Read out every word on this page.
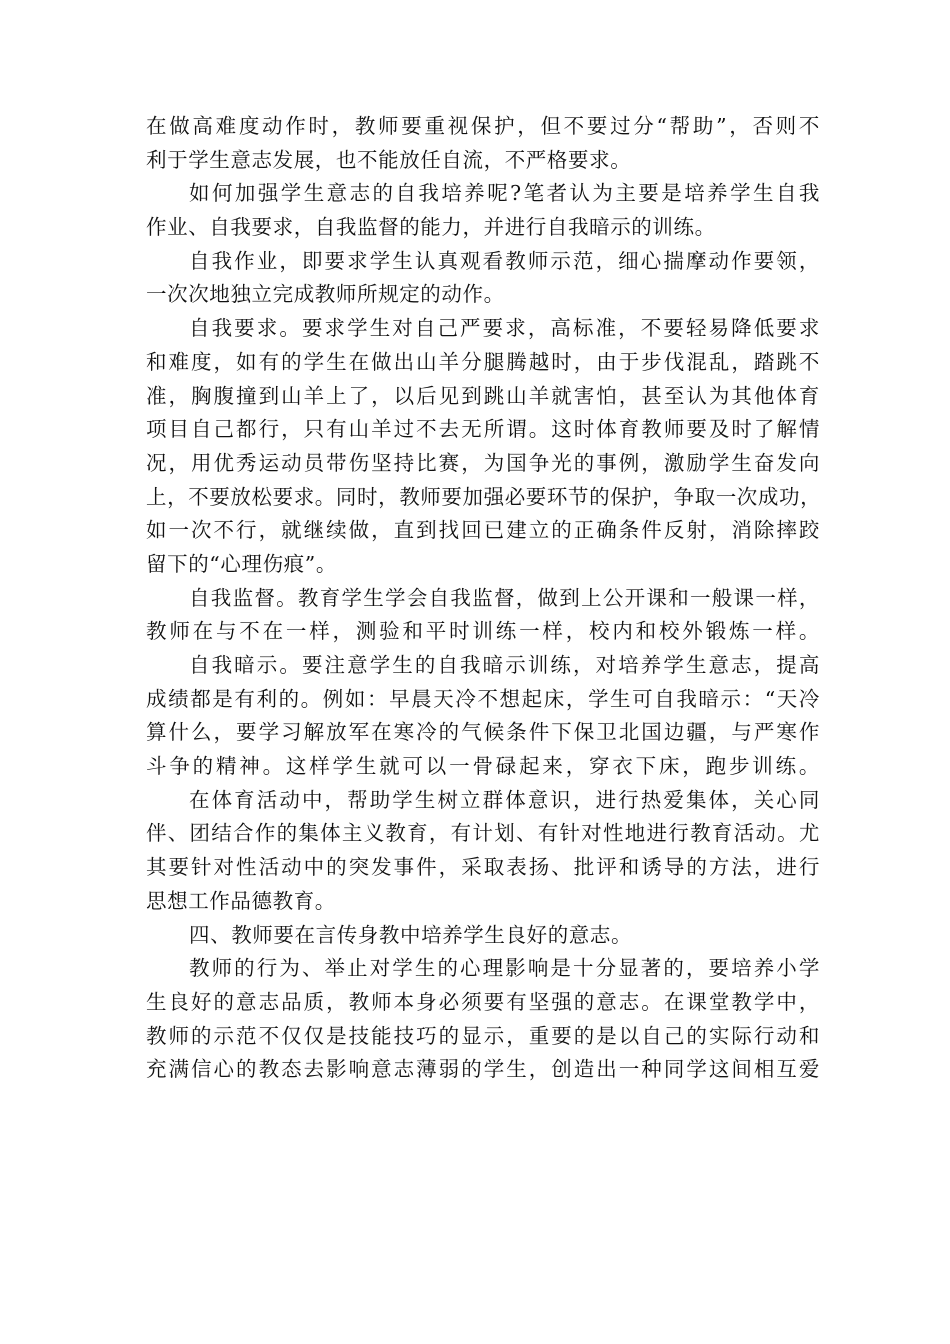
在做高难度动作时，教师要重视保护，但不要过分“帮助”，否则不
利于学生意志发展，也不能放任自流，不严格要求。
如何加强学生意志的自我培养呢?笔者认为主要是培养学生自我
作业、自我要求，自我监督的能力，并进行自我暗示的训练。
自我作业，即要求学生认真观看教师示范，细心揣摩动作要领，
一次次地独立完成教师所规定的动作。
自我要求。要求学生对自己严要求，高标准，不要轻易降低要求
和难度，如有的学生在做出山羊分腿腾越时，由于步伐混乱，踏跳不
准，胸腹撞到山羊上了，以后见到跳山羊就害怕，甚至认为其他体育
项目自己都行，只有山羊过不去无所谓。这时体育教师要及时了解情
况，用优秀运动员带伤坚持比赛，为国争光的事例，激励学生奋发向
上，不要放松要求。同时，教师要加强必要环节的保护，争取一次成功，
如一次不行，就继续做，直到找回已建立的正确条件反射，消除摔跤
留下的“心理伤痕”。
自我监督。教育学生学会自我监督，做到上公开课和一般课一样，
教师在与不在一样，测验和平时训练一样，校内和校外锻炼一样。
自我暗示。要注意学生的自我暗示训练，对培养学生意志，提高
成绩都是有利的。例如：早晨天冷不想起床，学生可自我暗示：“天冷
算什么，要学习解放军在寒冷的气候条件下保卫北国边疆，与严寒作
斗争的精神。这样学生就可以一骨碌起来，穿衣下床，跑步训练。
在体育活动中，帮助学生树立群体意识，进行热爱集体，关心同
伴、团结合作的集体主义教育，有计划、有针对性地进行教育活动。尤
其要针对性活动中的突发事件，采取表扬、批评和诱导的方法，进行
思想工作品德教育。
四、教师要在言传身教中培养学生良好的意志。
教师的行为、举止对学生的心理影响是十分显著的，要培养小学
生良好的意志品质，教师本身必须要有坚强的意志。在课堂教学中，
教师的示范不仅仅是技能技巧的显示，重要的是以自己的实际行动和
充满信心的教态去影响意志薄弱的学生，创造出一种同学这间相互爱
